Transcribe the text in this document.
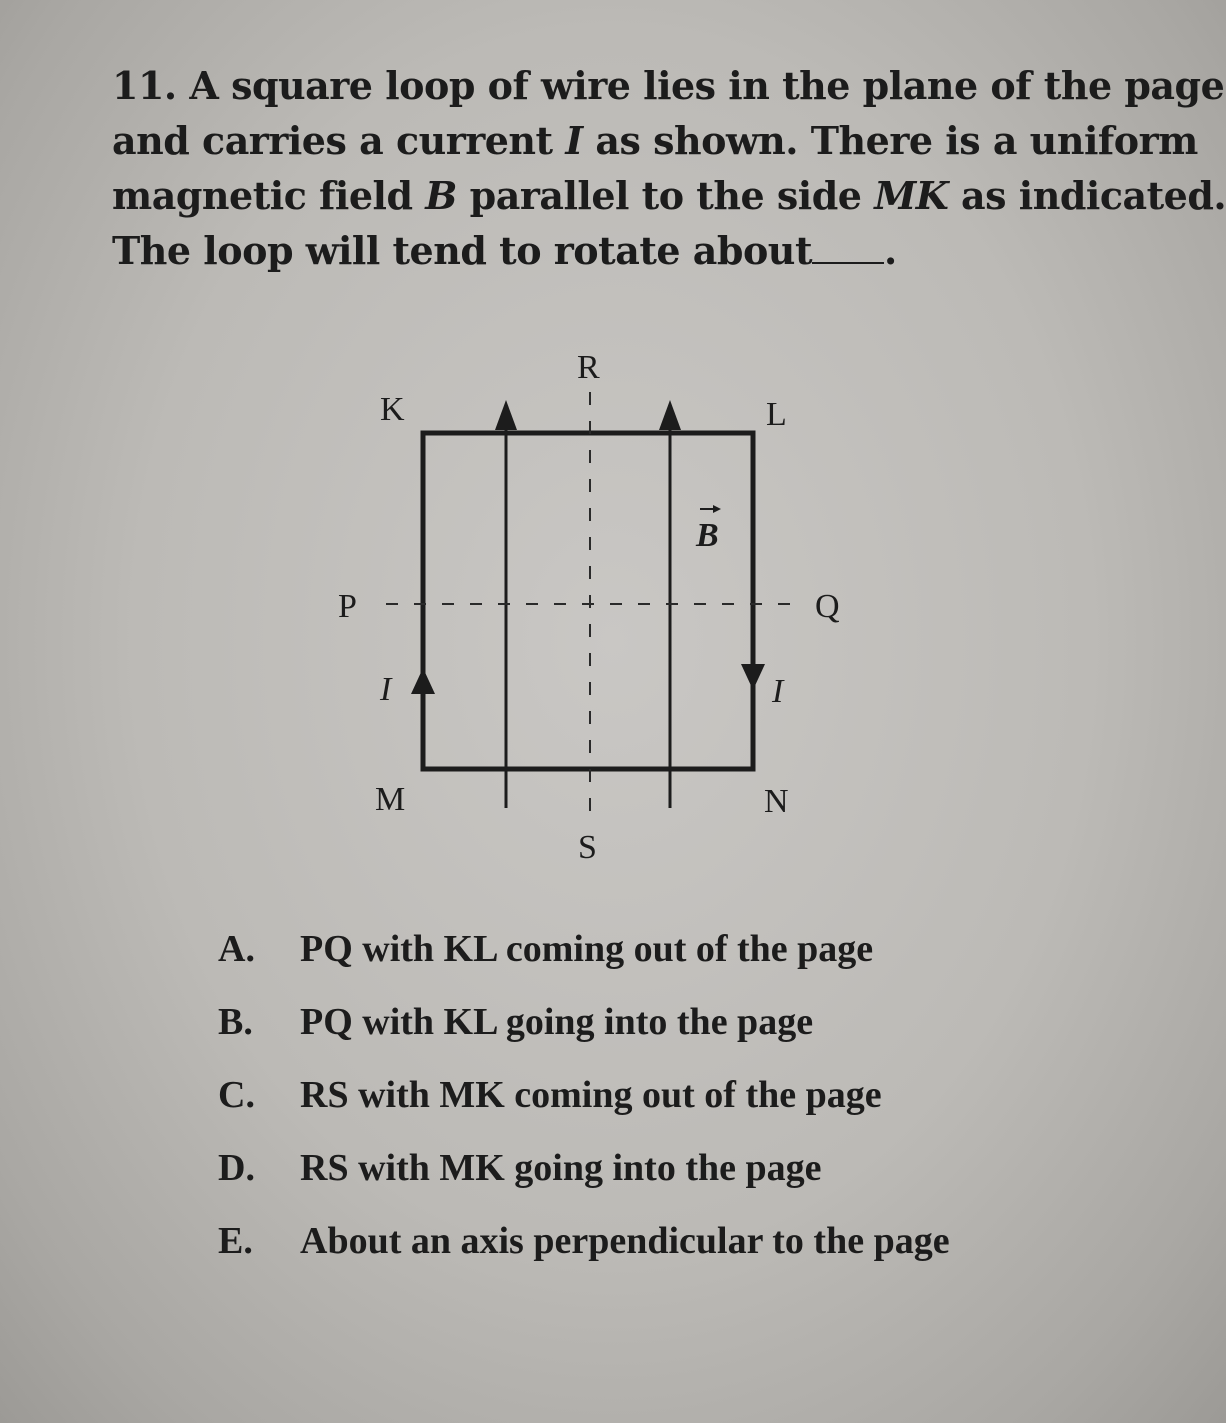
11. A square loop of wire lies in the plane of the page
and carries a current I as shown. There is a uniform
magnetic field B parallel to the side MK as indicated.
The loop will tend to rotate about .
K	L
R
M	N
S
P	Q
I	I
B
A.	PQ with KL coming out of the page
B.	PQ with KL going into the page
C.	RS with MK coming out of the page
D.	RS with MK going into the page
E.	About an axis perpendicular to the page
